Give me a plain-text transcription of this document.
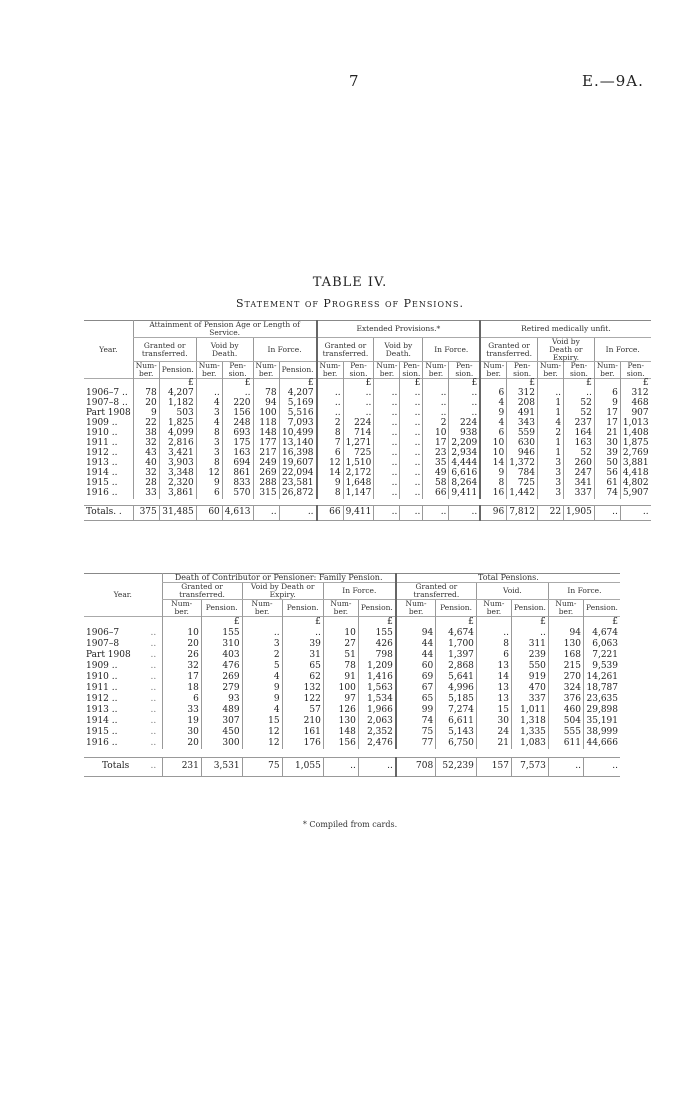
7	E.—9A.
TABLE IV.
Statement of Progress of Pensions.
Year.	Attainment of Pension Age or Length of Service.						Extended Provisions.*						Retired medically unfit.					
	Granted or transferred.		Void by Death.		In Force.		Granted or transferred.		Void by Death.		In Force.		Granted or transferred.		Void by Death or Expiry.		In Force.	
	Num- ber.	Pension.	Num- ber.	Pen- sion.	Num- ber.	Pension.	Num- ber.	Pen- sion.	Num- ber.	Pen- sion.	Num- ber.	Pen- sion.	Num- ber.	Pen- sion.	Num- ber.	Pen- sion.	Num- ber.	Pen- sion.
		£		£		£		£		£		£		£		£		£
1906–7 ..	78	4,207	..	..	78	4,207	..	..	..	..	..	..	6	312	..	..	6	312
1907–8 ..	20	1,182	4	220	94	5,169	..	..	..	..	..	..	4	208	1	52	9	468
Part 1908	9	503	3	156	100	5,516	..	..	..	..	..	..	9	491	1	52	17	907
1909 ..	22	1,825	4	248	118	7,093	2	224	..	..	2	224	4	343	4	237	17	1,013
1910 ..	38	4,099	8	693	148	10,499	8	714	..	..	10	938	6	559	2	164	21	1,408
1911 ..	32	2,816	3	175	177	13,140	7	1,271	..	..	17	2,209	10	630	1	163	30	1,875
1912 ..	43	3,421	3	163	217	16,398	6	725	..	..	23	2,934	10	946	1	52	39	2,769
1913 ..	40	3,903	8	694	249	19,607	12	1,510	..	..	35	4,444	14	1,372	3	260	50	3,881
1914 ..	32	3,348	12	861	269	22,094	14	2,172	..	..	49	6,616	9	784	3	247	56	4,418
1915 ..	28	2,320	9	833	288	23,581	9	1,648	..	..	58	8,264	8	725	3	341	61	4,802
1916 ..	33	3,861	6	570	315	26,872	8	1,147	..	..	66	9,411	16	1,442	3	337	74	5,907

Totals. .	375	31,485	60	4,613	..	..	66	9,411	..	..	..	..	96	7,812	22	1,905	..	..
Year.		Death of Contributor or Pensioner: Family Pension.						Total Pensions.					
		Granted or transferred.		Void by Death or Expiry.		In Force.		Granted or transferred.		Void.		In Force.	
		Num- ber.	Pension.	Num- ber.	Pension.	Num- ber.	Pension.	Num- ber.	Pension.	Num- ber.	Pension.	Num- ber.	Pension.
			£		£		£		£		£		£
1906–7	..	10	155	..	..	10	155	94	4,674	..	..	94	4,674
1907–8	..	20	310	3	39	27	426	44	1,700	8	311	130	6,063
Part 1908	..	26	403	2	31	51	798	44	1,397	6	239	168	7,221
1909 ..	..	32	476	5	65	78	1,209	60	2,868	13	550	215	9,539
1910 ..	..	17	269	4	62	91	1,416	69	5,641	14	919	270	14,261
1911 ..	..	18	279	9	132	100	1,563	67	4,996	13	470	324	18,787
1912 ..	..	6	93	9	122	97	1,534	65	5,185	13	337	376	23,635
1913 ..	..	33	489	4	57	126	1,966	99	7,274	15	1,011	460	29,898
1914 ..	..	19	307	15	210	130	2,063	74	6,611	30	1,318	504	35,191
1915 ..	..	30	450	12	161	148	2,352	75	5,143	24	1,335	555	38,999
1916 ..	..	20	300	12	176	156	2,476	77	6,750	21	1,083	611	44,666

Totals	..	231	3,531	75	1,055	..	..	708	52,239	157	7,573	..	..
* Compiled from cards.
